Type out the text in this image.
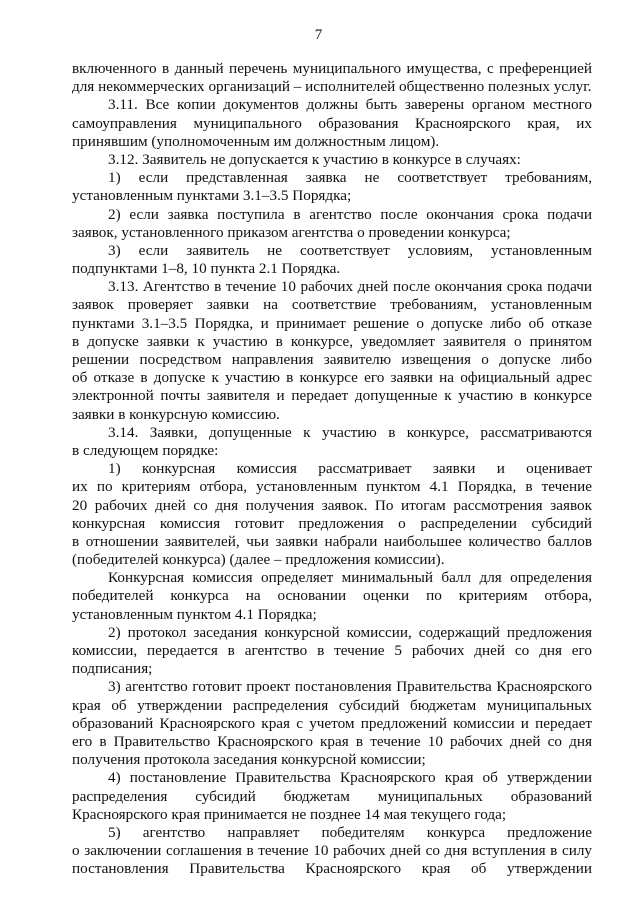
7
включенного в данный перечень муниципального имущества, с преференцией
для некоммерческих организаций – исполнителей общественно полезных услуг.
3.11. Все копии документов должны быть заверены органом местного
самоуправления муниципального образования Красноярского края, их
принявшим (уполномоченным им должностным лицом).
3.12. Заявитель не допускается к участию в конкурсе в случаях:
1) если представленная заявка не соответствует требованиям,
установленным пунктами 3.1–3.5 Порядка;
2) если заявка поступила в агентство после окончания срока подачи
заявок, установленного приказом агентства о проведении конкурса;
3) если заявитель не соответствует условиям, установленным
подпунктами 1–8, 10 пункта 2.1 Порядка.
3.13. Агентство в течение 10 рабочих дней после окончания срока подачи
заявок проверяет заявки на соответствие требованиям, установленным
пунктами 3.1–3.5 Порядка, и принимает решение о допуске либо об отказе
в допуске заявки к участию в конкурсе, уведомляет заявителя о принятом
решении посредством направления заявителю извещения о допуске либо
об отказе в допуске к участию в конкурсе его заявки на официальный адрес
электронной почты заявителя и передает допущенные к участию в конкурсе
заявки в конкурсную комиссию.
3.14. Заявки, допущенные к участию в конкурсе, рассматриваются
в следующем порядке:
1) конкурсная комиссия рассматривает заявки и оценивает
их по критериям отбора, установленным пунктом 4.1 Порядка, в течение
20 рабочих дней со дня получения заявок. По итогам рассмотрения заявок
конкурсная комиссия готовит предложения о распределении субсидий
в отношении заявителей, чьи заявки набрали наибольшее количество баллов
(победителей конкурса) (далее – предложения комиссии).
Конкурсная комиссия определяет минимальный балл для определения
победителей конкурса на основании оценки по критериям отбора,
установленным пунктом 4.1 Порядка;
2) протокол заседания конкурсной комиссии, содержащий предложения
комиссии, передается в агентство в течение 5 рабочих дней со дня его
подписания;
3) агентство готовит проект постановления Правительства Красноярского
края об утверждении распределения субсидий бюджетам муниципальных
образований Красноярского края с учетом предложений комиссии и передает
его в Правительство Красноярского края в течение 10 рабочих дней со дня
получения протокола заседания конкурсной комиссии;
4) постановление Правительства Красноярского края об утверждении
распределения субсидий бюджетам муниципальных образований
Красноярского края принимается не позднее 14 мая текущего года;
5) агентство направляет победителям конкурса предложение
о заключении соглашения в течение 10 рабочих дней со дня вступления в силу
постановления Правительства Красноярского края об утверждении
